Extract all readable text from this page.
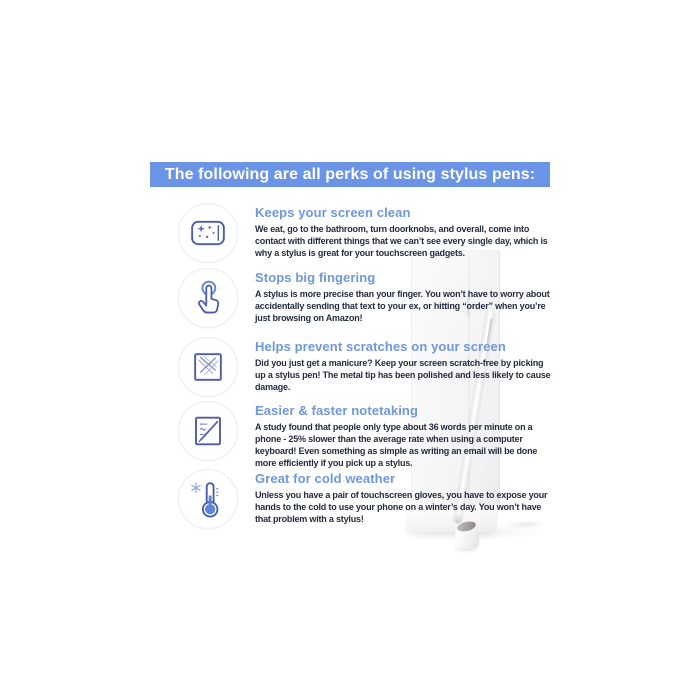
The following are all perks of using stylus pens:
Keeps your screen clean

We eat, go to the bathroom, turn doorknobs, and overall, come into contact with different things that we can’t see every single day, which is why a stylus is great for your touchscreen gadgets.

Stops big fingering

A stylus is more precise than your finger. You won’t have to worry about accidentally sending that text to your ex, or hitting “order” when you’re just browsing on Amazon!

Helps prevent scratches on your screen

Did you just get a manicure? Keep your screen scratch-free by picking up a stylus pen! The metal tip has been polished and less likely to cause damage.

Easier & faster notetaking

A study found that people only type about 36 words per minute on a phone - 25% slower than the average rate when using a computer keyboard! Even something as simple as writing an email will be done more efficiently if you pick up a stylus.

Great for cold weather

Unless you have a pair of touchscreen gloves, you have to expose your hands to the cold to use your phone on a winter’s day. You won’t have that problem with a stylus!
